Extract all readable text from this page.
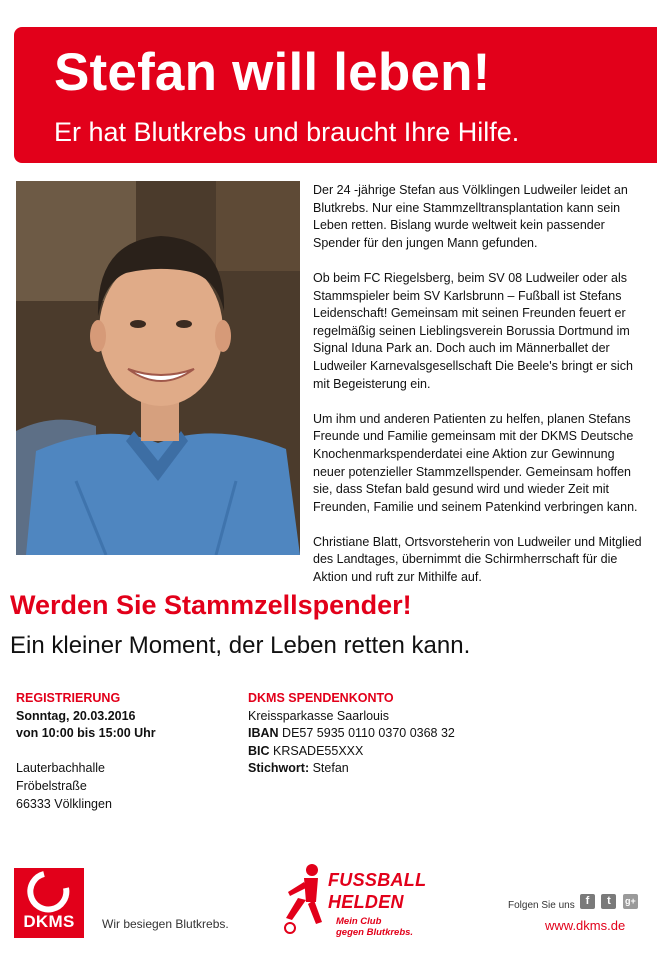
Stefan will leben!
Er hat Blutkrebs und braucht Ihre Hilfe.

Der 24 -jährige Stefan aus Völklingen Ludweiler leidet an Blutkrebs. Nur eine Stammzelltransplantation kann sein Leben retten. Bislang wurde weltweit kein passender Spender für den jungen Mann gefunden.

Ob beim FC Riegelsberg, beim SV 08 Ludweiler oder als Stammspieler beim SV Karlsbrunn – Fußball ist Stefans Leidenschaft! Gemeinsam mit seinen Freunden feuert er regelmäßig seinen Lieblingsverein Borussia Dortmund im Signal Iduna Park an. Doch auch im Männerballet der Ludweiler Karnevalsgesellschaft Die Beele's bringt er sich mit Begeisterung ein.

Um ihm und anderen Patienten zu helfen, planen Stefans Freunde und Familie gemeinsam mit der DKMS Deutsche Knochenmarkspenderdatei eine Aktion zur Gewinnung neuer potenzieller Stammzellspender. Gemeinsam hoffen sie, dass Stefan bald gesund wird und wieder Zeit mit Freunden, Familie und seinem Patenkind verbringen kann.

Christiane Blatt, Ortsvorsteherin von Ludweiler und Mitglied des Landtages, übernimmt die Schirmherrschaft für die Aktion und ruft zur Mithilfe auf.

Werden Sie Stammzellspender!

Ein kleiner Moment, der Leben retten kann.

REGISTRIERUNG
Sonntag, 20.03.2016
von 10:00 bis 15:00 Uhr
Lauterbachhalle
Fröbelstraße
66333 Völklingen
DKMS SPENDENKONTO
Kreissparkasse Saarlouis
IBAN DE57 5935 0110 0370 0368 32
BIC KRSADE55XXX
Stichwort: Stefan
DKMS	Wir besiegen Blutkrebs.
FUSSBALL
HELDEN
Mein Club
gegen Blutkrebs.
Folgen Sie uns f t g+
www.dkms.de
